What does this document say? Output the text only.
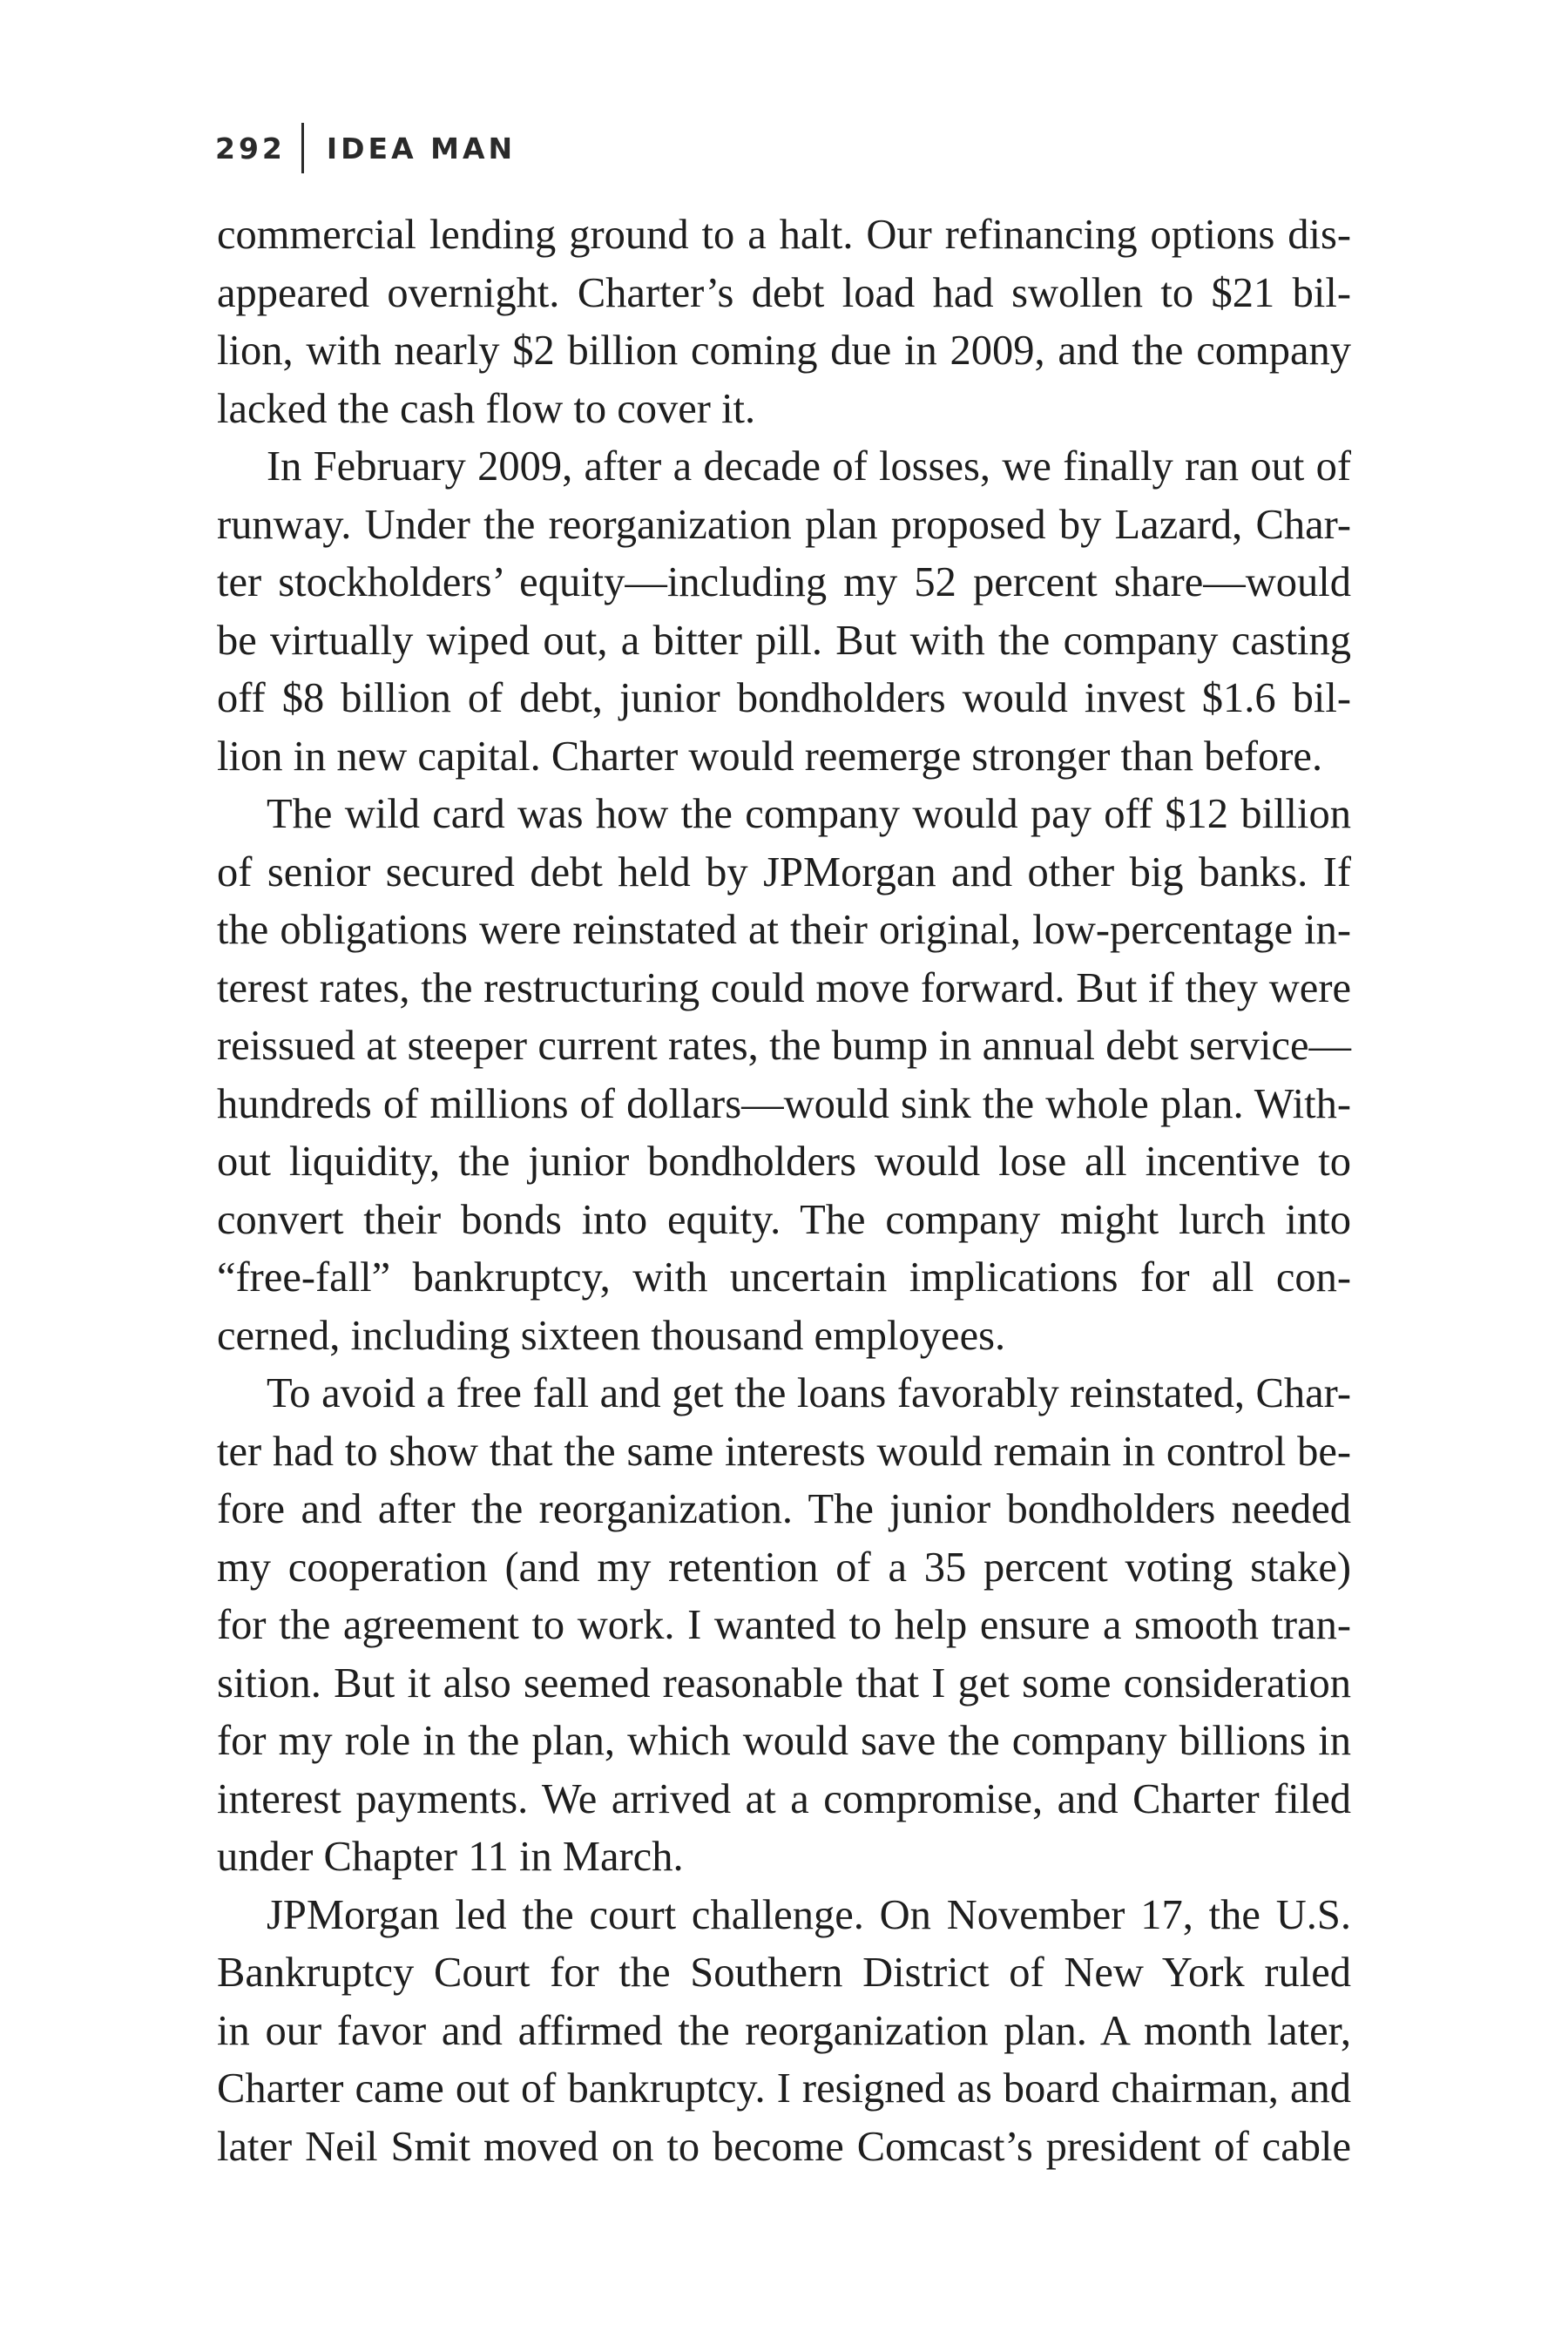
292 IDEA MAN
commercial lending ground to a halt. Our refinancing options dis-
appeared overnight. Charter’s debt load had swollen to $21 bil-
lion, with nearly $2 billion coming due in 2009, and the company
lacked the cash flow to cover it.
In February 2009, after a decade of losses, we finally ran out of
runway. Under the reorganization plan proposed by Lazard, Char-
ter stockholders’ equity—including my 52 percent share—would
be virtually wiped out, a bitter pill. But with the company casting
off $8 billion of debt, junior bondholders would invest $1.6 bil-
lion in new capital. Charter would reemerge stronger than before.
The wild card was how the company would pay off $12 billion
of senior secured debt held by JPMorgan and other big banks. If
the obligations were reinstated at their original, low-percentage in-
terest rates, the restructuring could move forward. But if they were
reissued at steeper current rates, the bump in annual debt service—
hundreds of millions of dollars—would sink the whole plan. With-
out liquidity, the junior bondholders would lose all incentive to
convert their bonds into equity. The company might lurch into
“free-fall” bankruptcy, with uncertain implications for all con-
cerned, including sixteen thousand employees.
To avoid a free fall and get the loans favorably reinstated, Char-
ter had to show that the same interests would remain in control be-
fore and after the reorganization. The junior bondholders needed
my cooperation (and my retention of a 35 percent voting stake)
for the agreement to work. I wanted to help ensure a smooth tran-
sition. But it also seemed reasonable that I get some consideration
for my role in the plan, which would save the company billions in
interest payments. We arrived at a compromise, and Charter filed
under Chapter 11 in March.
JPMorgan led the court challenge. On November 17, the U.S.
Bankruptcy Court for the Southern District of New York ruled
in our favor and affirmed the reorganization plan. A month later,
Charter came out of bankruptcy. I resigned as board chairman, and
later Neil Smit moved on to become Comcast’s president of cable
